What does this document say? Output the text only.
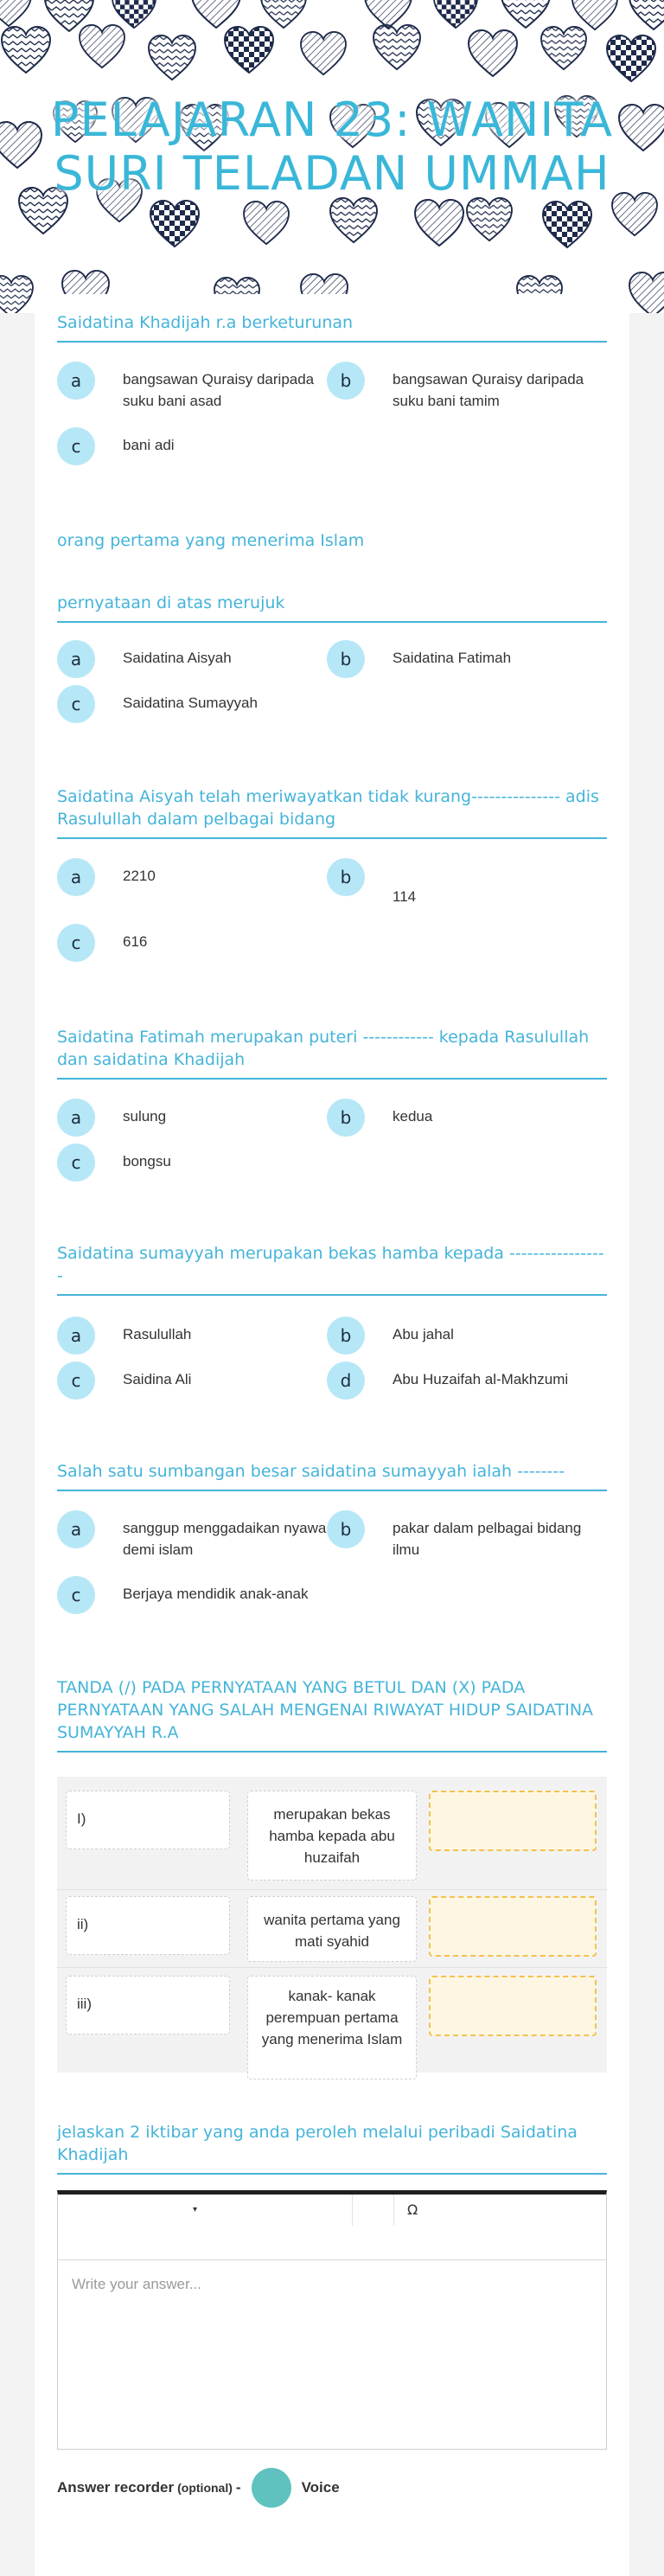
PELAJARAN 23: WANITA SURI TELADAN UMMAH
Saidatina Khadijah r.a berketurunan
a	bangsawan Quraisy daripada suku bani asad
b	bangsawan Quraisy daripada suku bani tamim
c	bani adi
orang pertama yang menerima Islam
pernyataan di atas merujuk
a	Saidatina Aisyah	b	Saidatina Fatimah
c	Saidatina Sumayyah
Saidatina Aisyah telah meriwayatkan tidak kurang--------------- adis Rasulullah dalam pelbagai bidang
a	2210	b
114
c	616
Saidatina Fatimah merupakan puteri ------------ kepada Rasulullah dan saidatina Khadijah
a	sulung	b	kedua
c	bongsu
Saidatina sumayyah merupakan bekas hamba kepada -----------------
a	Rasulullah	b	Abu jahal
c	Saidina Ali	d	Abu Huzaifah al-Makhzumi
Salah satu sumbangan besar saidatina sumayyah ialah --------
a	sanggup menggadaikan nyawa demi islam
b	pakar dalam pelbagai bidang ilmu
c	Berjaya mendidik anak-anak
TANDA (/) PADA PERNYATAAN YANG BETUL DAN (X) PADA PERNYATAAN YANG SALAH MENGENAI RIWAYAT HIDUP SAIDATINA SUMAYYAH R.A
I)	merupakan bekas hamba kepada abu huzaifah
ii)	wanita pertama yang mati syahid
iii)	kanak- kanak perempuan pertama yang menerima Islam
jelaskan 2 iktibar yang anda peroleh melalui peribadi Saidatina Khadijah
▾	Ω
Write your answer...
Answer recorder (optional) -	Voice
